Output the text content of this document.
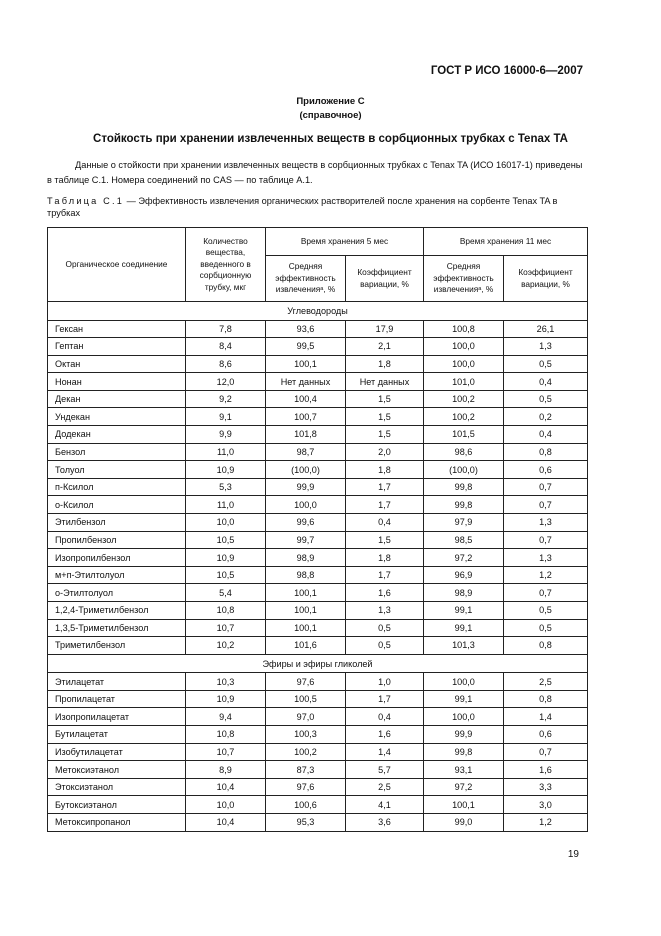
ГОСТ Р ИСО 16000-6—2007
Приложение С
(справочное)
Стойкость при хранении извлеченных веществ в сорбционных трубках с Tenax TA
Данные о стойкости при хранении извлеченных веществ в сорбционных трубках с Tenax TA (ИСО 16017-1) приведены в таблице С.1. Номера соединений по CAS — по таблице А.1.
Таблица С.1 — Эффективность извлечения органических растворителей после хранения на сорбенте Tenax TA в трубках
Органическое соединение	Количество вещества, введенного в сорбционную трубку, мкг	Время хранения 5 мес		Время хранения 11 мес	
		Средняя эффективность извлеченияᵃ, %	Коэффициент вариации, %	Средняя эффективность извлеченияᵃ, %	Коэффициент вариации, %
Углеводороды					
Гексан	7,8	93,6	17,9	100,8	26,1
Гептан	8,4	99,5	2,1	100,0	1,3
Октан	8,6	100,1	1,8	100,0	0,5
Нонан	12,0	Нет данных	Нет данных	101,0	0,4
Декан	9,2	100,4	1,5	100,2	0,5
Ундекан	9,1	100,7	1,5	100,2	0,2
Додекан	9,9	101,8	1,5	101,5	0,4
Бензол	11,0	98,7	2,0	98,6	0,8
Толуол	10,9	(100,0)	1,8	(100,0)	0,6
п-Ксилол	5,3	99,9	1,7	99,8	0,7
о-Ксилол	11,0	100,0	1,7	99,8	0,7
Этилбензол	10,0	99,6	0,4	97,9	1,3
Пропилбензол	10,5	99,7	1,5	98,5	0,7
Изопропилбензол	10,9	98,9	1,8	97,2	1,3
м+п-Этилтолуол	10,5	98,8	1,7	96,9	1,2
о-Этилтолуол	5,4	100,1	1,6	98,9	0,7
1,2,4-Триметилбензол	10,8	100,1	1,3	99,1	0,5
1,3,5-Триметилбензол	10,7	100,1	0,5	99,1	0,5
Триметилбензол	10,2	101,6	0,5	101,3	0,8
Эфиры и эфиры гликолей					
Этилацетат	10,3	97,6	1,0	100,0	2,5
Пропилацетат	10,9	100,5	1,7	99,1	0,8
Изопропилацетат	9,4	97,0	0,4	100,0	1,4
Бутилацетат	10,8	100,3	1,6	99,9	0,6
Изобутилацетат	10,7	100,2	1,4	99,8	0,7
Метоксиэтанол	8,9	87,3	5,7	93,1	1,6
Этоксиэтанол	10,4	97,6	2,5	97,2	3,3
Бутоксиэтанол	10,0	100,6	4,1	100,1	3,0
Метоксипропанол	10,4	95,3	3,6	99,0	1,2
19
